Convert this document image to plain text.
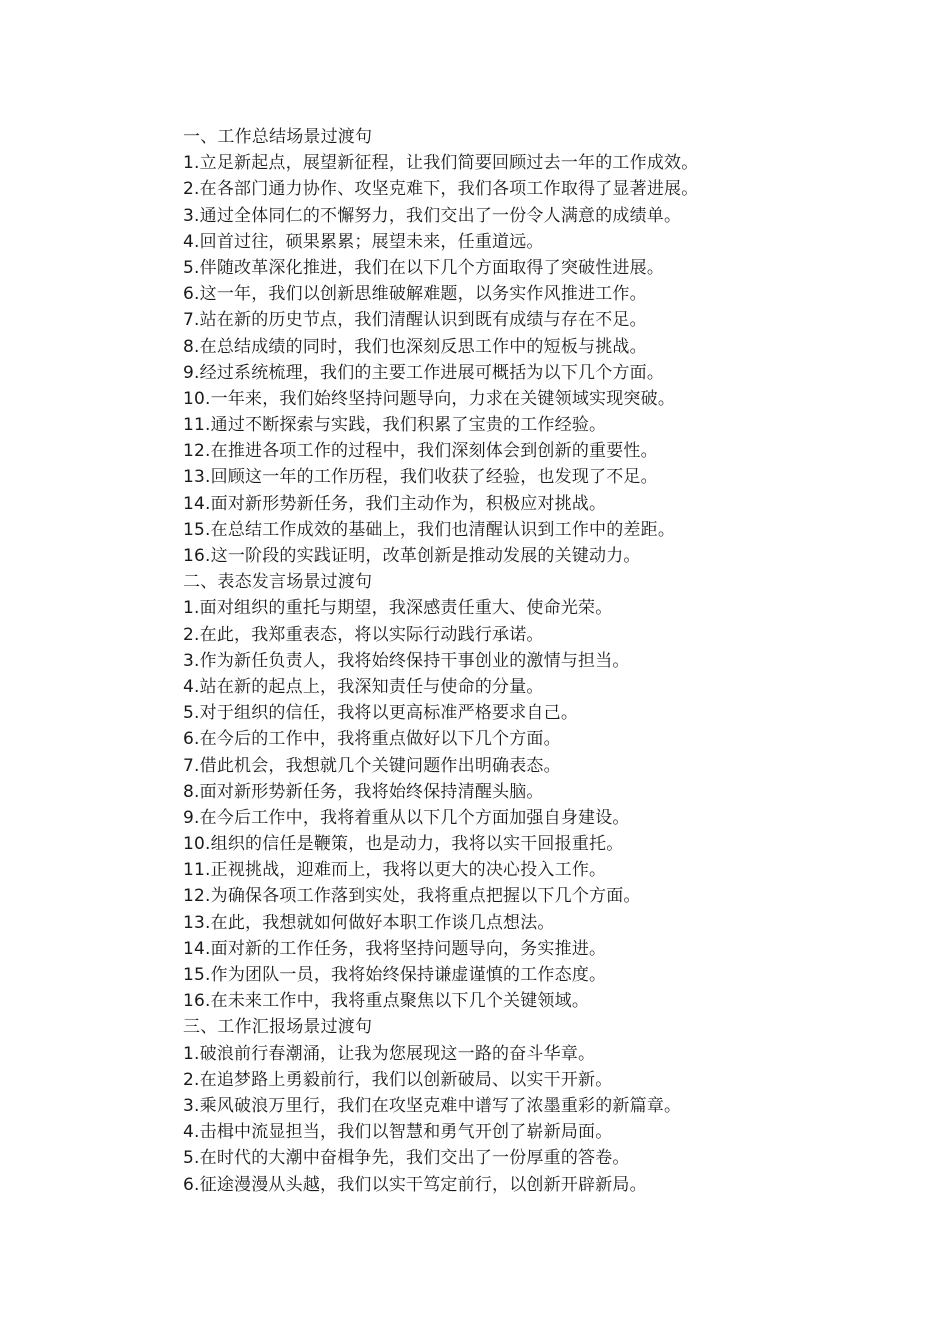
一、工作总结场景过渡句
1.立足新起点，展望新征程，让我们简要回顾过去一年的工作成效。
2.在各部门通力协作、攻坚克难下，我们各项工作取得了显著进展。
3.通过全体同仁的不懈努力，我们交出了一份令人满意的成绩单。
4.回首过往，硕果累累；展望未来，任重道远。
5.伴随改革深化推进，我们在以下几个方面取得了突破性进展。
6.这一年，我们以创新思维破解难题，以务实作风推进工作。
7.站在新的历史节点，我们清醒认识到既有成绩与存在不足。
8.在总结成绩的同时，我们也深刻反思工作中的短板与挑战。
9.经过系统梳理，我们的主要工作进展可概括为以下几个方面。
10.一年来，我们始终坚持问题导向，力求在关键领域实现突破。
11.通过不断探索与实践，我们积累了宝贵的工作经验。
12.在推进各项工作的过程中，我们深刻体会到创新的重要性。
13.回顾这一年的工作历程，我们收获了经验，也发现了不足。
14.面对新形势新任务，我们主动作为，积极应对挑战。
15.在总结工作成效的基础上，我们也清醒认识到工作中的差距。
16.这一阶段的实践证明，改革创新是推动发展的关键动力。
二、表态发言场景过渡句
1.面对组织的重托与期望，我深感责任重大、使命光荣。
2.在此，我郑重表态，将以实际行动践行承诺。
3.作为新任负责人，我将始终保持干事创业的激情与担当。
4.站在新的起点上，我深知责任与使命的分量。
5.对于组织的信任，我将以更高标准严格要求自己。
6.在今后的工作中，我将重点做好以下几个方面。
7.借此机会，我想就几个关键问题作出明确表态。
8.面对新形势新任务，我将始终保持清醒头脑。
9.在今后工作中，我将着重从以下几个方面加强自身建设。
10.组织的信任是鞭策，也是动力，我将以实干回报重托。
11.正视挑战，迎难而上，我将以更大的决心投入工作。
12.为确保各项工作落到实处，我将重点把握以下几个方面。
13.在此，我想就如何做好本职工作谈几点想法。
14.面对新的工作任务，我将坚持问题导向，务实推进。
15.作为团队一员，我将始终保持谦虚谨慎的工作态度。
16.在未来工作中，我将重点聚焦以下几个关键领域。
三、工作汇报场景过渡句
1.破浪前行春潮涌，让我为您展现这一路的奋斗华章。
2.在追梦路上勇毅前行，我们以创新破局、以实干开新。
3.乘风破浪万里行，我们在攻坚克难中谱写了浓墨重彩的新篇章。
4.击楫中流显担当，我们以智慧和勇气开创了崭新局面。
5.在时代的大潮中奋楫争先，我们交出了一份厚重的答卷。
6.征途漫漫从头越，我们以实干笃定前行，以创新开辟新局。
